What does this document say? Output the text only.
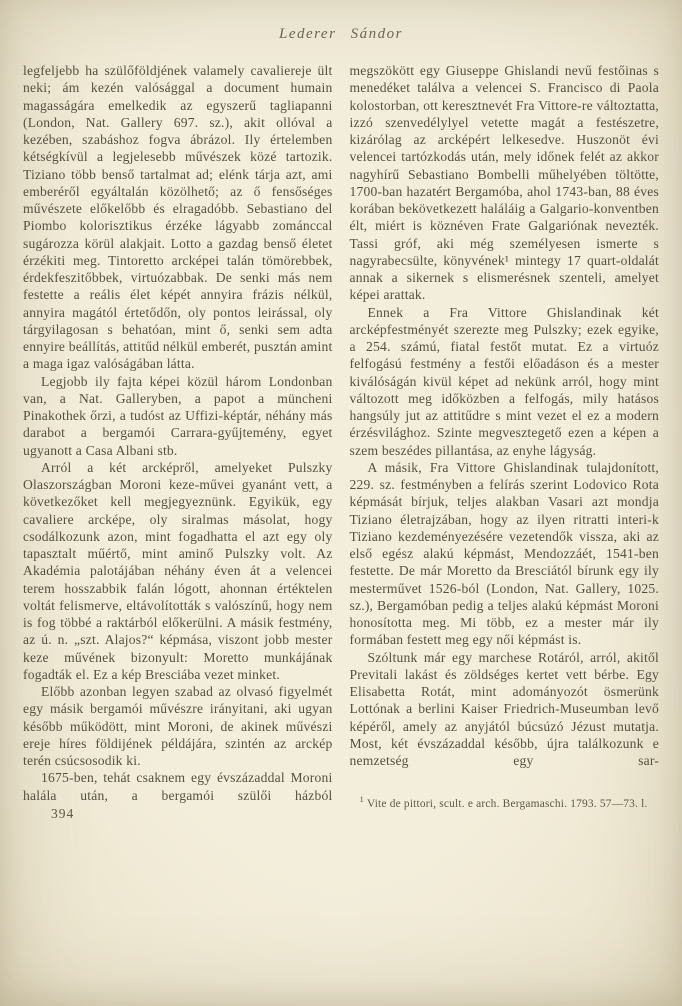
Lederer Sándor

legfeljebb ha szülőföldjének valamely cavaliereje ült neki; ám kezén valósággal a document humain magasságára emelkedik az egyszerű tagliapanni (London, Nat. Gallery 697. sz.), akit ollóval a kezében, szabáshoz fogva ábrázol. Ily értelemben kétségkívül a legjelesebb művészek közé tartozik. Tiziano több benső tartalmat ad; elénk tárja azt, ami emberéről egyáltalán közölhető; az ő fensőséges művészete előkelőbb és elragadóbb. Sebastiano del Piombo kolorisztikus érzéke lágyabb zománccal sugározza körül alakjait. Lotto a gazdag benső életet érzékiti meg. Tintoretto arcképei talán tömörebbek, érdekfeszitőbbek, virtuózabbak. De senki más nem festette a reális élet képét annyira frázis nélkül, annyira magától értetődőn, oly pontos leirással, oly tárgyilagosan s behatóan, mint ő, senki sem adta ennyire beállítás, attitűd nélkül emberét, pusztán amint a maga igaz valóságában látta.

Legjobb ily fajta képei közül három Londonban van, a Nat. Galleryben, a papot a müncheni Pinakothek őrzi, a tudóst az Uffizi-képtár, néhány más darabot a bergamói Carrara-gyűjtemény, egyet ugyanott a Casa Albani stb.

Arról a két arcképről, amelyeket Pulszky Olaszországban Moroni keze-művei gyanánt vett, a következőket kell megjegyeznünk. Egyikük, egy cavaliere arcképe, oly siralmas másolat, hogy csodálkozunk azon, mint fogadhatta el azt egy oly tapasztalt műértő, mint aminő Pulszky volt. Az Akadémia palotájában néhány éven át a velencei terem hosszabbik falán lógott, ahonnan értéktelen voltát felismerve, eltávolították s valószínű, hogy nem is fog többé a raktárból előkerülni. A másik festmény, az ú. n. „szt. Alajos?“ képmása, viszont jobb mester keze művének bizonyult: Moretto munkájának fogadták el. Ez a kép Bresciába vezet minket.

Előbb azonban legyen szabad az olvasó figyelmét egy másik bergamói művészre irányitani, aki ugyan később működött, mint Moroni, de akinek művészi ereje híres földijének példájára, szintén az arckép terén csúcsosodik ki.

1675-ben, tehát csaknem egy évszázaddal Moroni halála után, a bergamói szülői házból

394

megszökött egy Giuseppe Ghislandi nevű festőinas s menedéket találva a velencei S. Francisco di Paola kolostorban, ott keresztnevét Fra Vittore-re változtatta, izzó szenvedélylyel vetette magát a festészetre, kizárólag az arcképért lelkesedve. Huszonöt évi velencei tartózkodás után, mely időnek felét az akkor nagyhírű Sebastiano Bombelli műhelyében töltötte, 1700-ban hazatért Bergamóba, ahol 1743-ban, 88 éves korában bekövetkezett haláláig a Galgario-konventben élt, miért is köznéven Frate Galgariónak nevezték. Tassi gróf, aki még személyesen ismerte s nagyrabecsülte, könyvének¹ mintegy 17 quart-oldalát annak a sikernek s elismerésnek szenteli, amelyet képei arattak.

Ennek a Fra Vittore Ghislandinak két arcképfestményét szerezte meg Pulszky; ezek egyike, a 254. számú, fiatal festőt mutat. Ez a virtuóz felfogású festmény a festői előadáson és a mester kiválóságán kivül képet ad nekünk arról, hogy mint változott meg időközben a felfogás, mily hatásos hangsúly jut az attitűdre s mint vezet el ez a modern érzésvilághoz. Szinte megvesztegető ezen a képen a szem beszédes pillantása, az enyhe lágyság.

A másik, Fra Vittore Ghislandinak tulajdonított, 229. sz. festményben a felírás szerint Lodovico Rota képmását bírjuk, teljes alakban Vasari azt mondja Tiziano életrajzában, hogy az ilyen ritratti interi-k Tiziano kezdeményezésére vezetendők vissza, aki az első egész alakú képmást, Mendozzáét, 1541-ben festette. De már Moretto da Bresciától bírunk egy ily mesterművet 1526-ból (London, Nat. Gallery, 1025. sz.), Bergamóban pedig a teljes alakú képmást Moroni honosította meg. Mi több, ez a mester már ily formában festett meg egy női képmást is.

Szóltunk már egy marchese Rotáról, arról, akitől Previtali lakást és zöldséges kertet vett bérbe. Egy Elisabetta Rotát, mint adományozót ösmerünk Lottónak a berlini Kaiser Friedrich-Museumban levő képéről, amely az anyjától búcsúzó Jézust mutatja. Most, két évszázaddal később, újra találkozunk e nemzetség egy sar-

$^1$ Vite de pittori, scult. e arch. Bergamaschi. 1793. 57—73. l.
